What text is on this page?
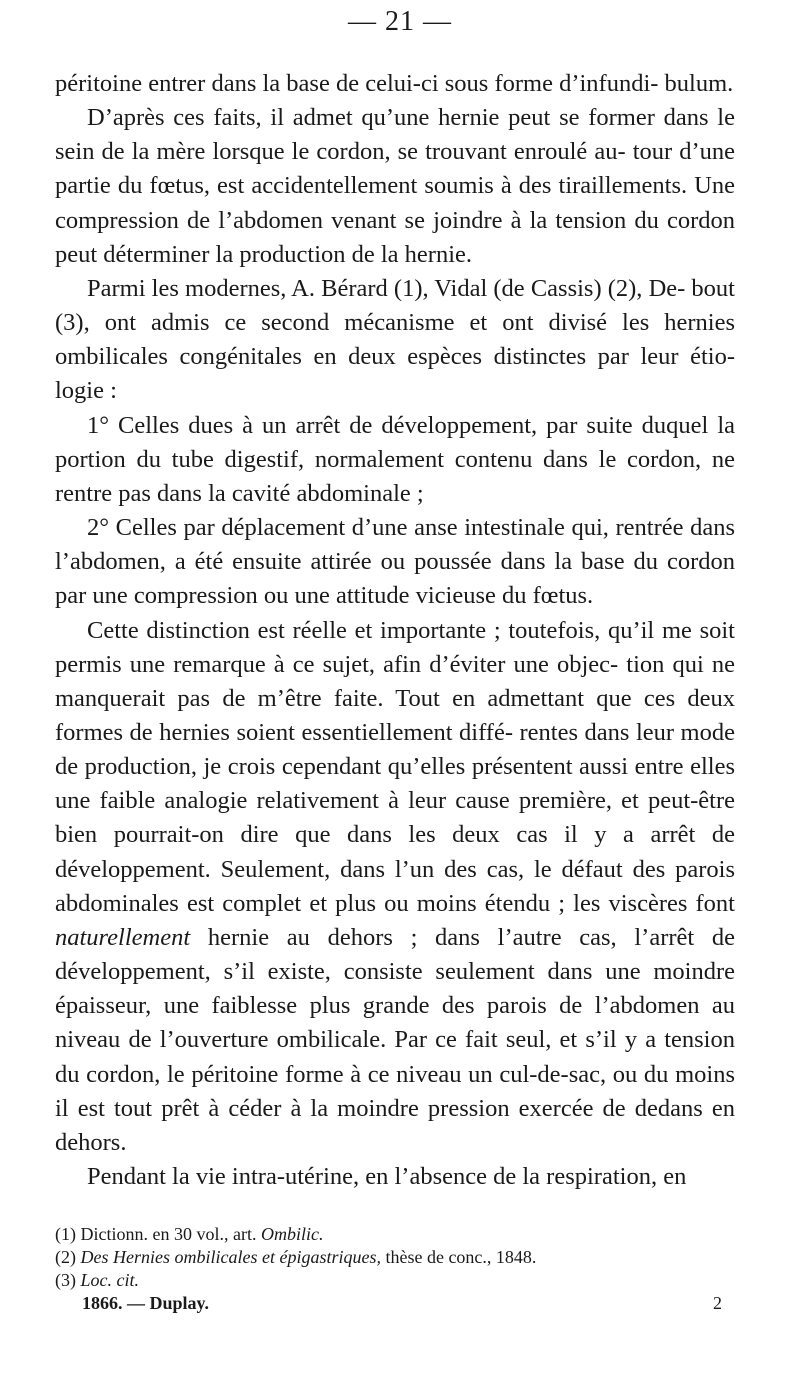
— 21 —

péritoine entrer dans la base de celui-ci sous forme d’infundi- bulum.

D’après ces faits, il admet qu’une hernie peut se former dans le sein de la mère lorsque le cordon, se trouvant enroulé au- tour d’une partie du fœtus, est accidentellement soumis à des tiraillements. Une compression de l’abdomen venant se joindre à la tension du cordon peut déterminer la production de la hernie.

Parmi les modernes, A. Bérard (1), Vidal (de Cassis) (2), De- bout (3), ont admis ce second mécanisme et ont divisé les hernies ombilicales congénitales en deux espèces distinctes par leur étio- logie :

1° Celles dues à un arrêt de développement, par suite duquel la portion du tube digestif, normalement contenu dans le cordon, ne rentre pas dans la cavité abdominale ;

2° Celles par déplacement d’une anse intestinale qui, rentrée dans l’abdomen, a été ensuite attirée ou poussée dans la base du cordon par une compression ou une attitude vicieuse du fœtus.

Cette distinction est réelle et importante ; toutefois, qu’il me soit permis une remarque à ce sujet, afin d’éviter une objec- tion qui ne manquerait pas de m’être faite. Tout en admettant que ces deux formes de hernies soient essentiellement diffé- rentes dans leur mode de production, je crois cependant qu’elles présentent aussi entre elles une faible analogie relativement à leur cause première, et peut-être bien pourrait-on dire que dans les deux cas il y a arrêt de développement. Seulement, dans l’un des cas, le défaut des parois abdominales est complet et plus ou moins étendu ; les viscères font naturellement hernie au dehors ; dans l’autre cas, l’arrêt de développement, s’il existe, consiste seulement dans une moindre épaisseur, une faiblesse plus grande des parois de l’abdomen au niveau de l’ouverture ombilicale. Par ce fait seul, et s’il y a tension du cordon, le péritoine forme à ce niveau un cul-de-sac, ou du moins il est tout prêt à céder à la moindre pression exercée de dedans en dehors.

Pendant la vie intra-utérine, en l’absence de la respiration, en

(1) Dictionn. en 30 vol., art. Ombilic.

(2) Des Hernies ombilicales et épigastriques, thèse de conc., 1848.

(3) Loc. cit.

1866. — Duplay.	2
